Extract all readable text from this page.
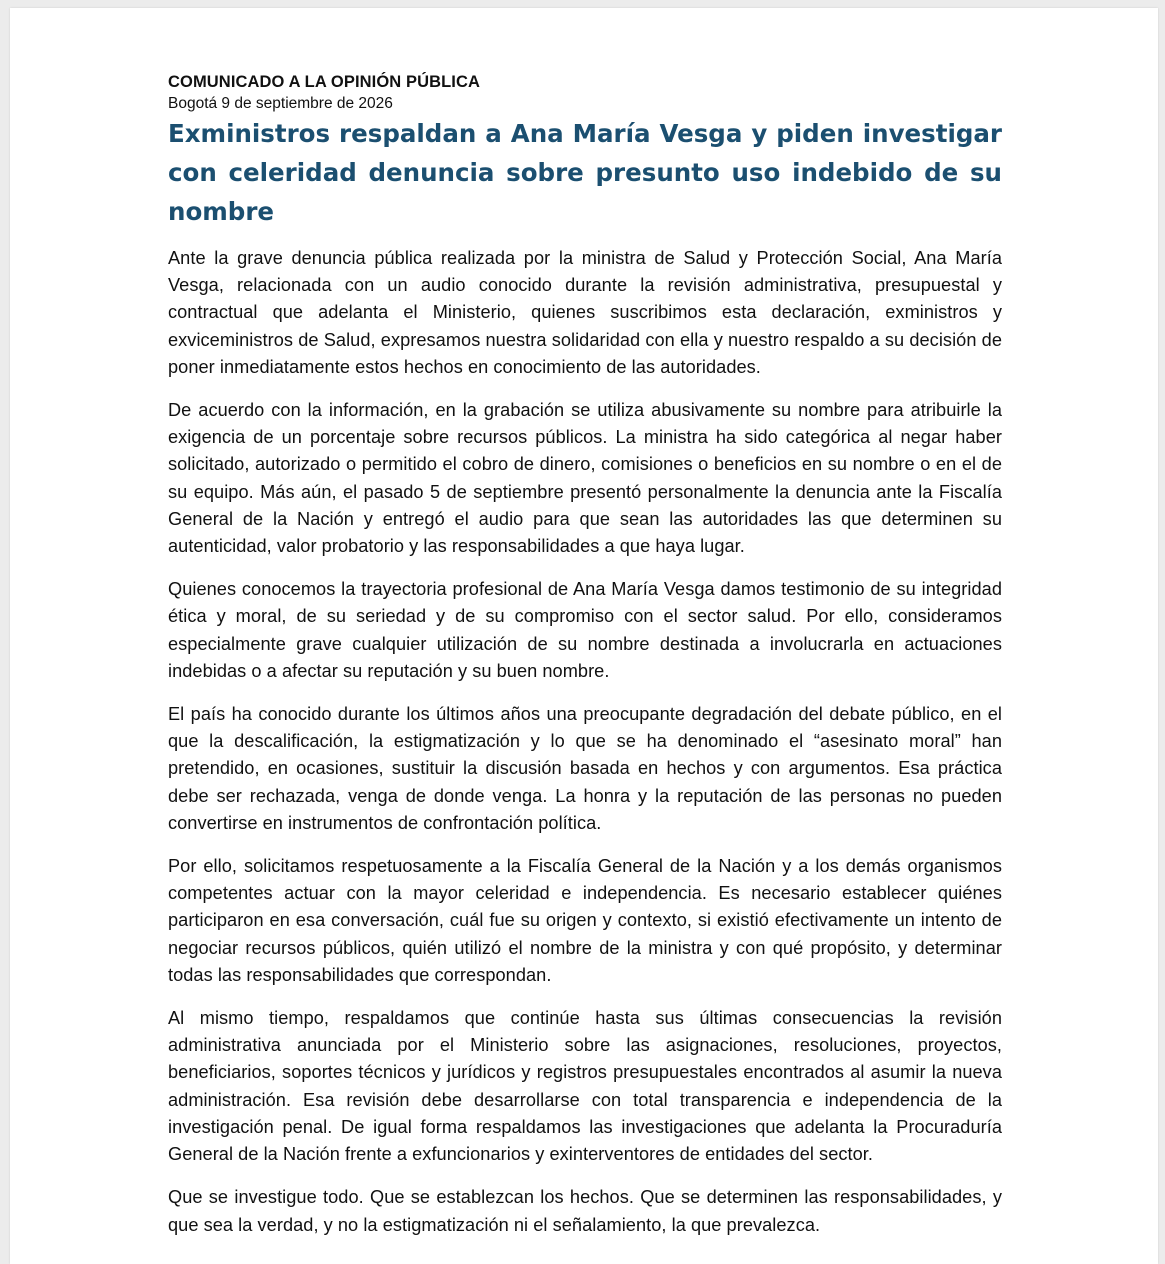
COMUNICADO A LA OPINIÓN PÚBLICA

Bogotá 9 de septiembre de 2026

Exministros respaldan a Ana María Vesga y piden investigar con celeridad denuncia sobre presunto uso indebido de su nombre

Ante la grave denuncia pública realizada por la ministra de Salud y Protección Social, Ana María Vesga, relacionada con un audio conocido durante la revisión administrativa, presupuestal y contractual que adelanta el Ministerio, quienes suscribimos esta declaración, exministros y exviceministros de Salud, expresamos nuestra solidaridad con ella y nuestro respaldo a su decisión de poner inmediatamente estos hechos en conocimiento de las autoridades.

De acuerdo con la información, en la grabación se utiliza abusivamente su nombre para atribuirle la exigencia de un porcentaje sobre recursos públicos. La ministra ha sido categórica al negar haber solicitado, autorizado o permitido el cobro de dinero, comisiones o beneficios en su nombre o en el de su equipo. Más aún, el pasado 5 de septiembre presentó personalmente la denuncia ante la Fiscalía General de la Nación y entregó el audio para que sean las autoridades las que determinen su autenticidad, valor probatorio y las responsabilidades a que haya lugar.

Quienes conocemos la trayectoria profesional de Ana María Vesga damos testimonio de su integridad ética y moral, de su seriedad y de su compromiso con el sector salud. Por ello, consideramos especialmente grave cualquier utilización de su nombre destinada a involucrarla en actuaciones indebidas o a afectar su reputación y su buen nombre.

El país ha conocido durante los últimos años una preocupante degradación del debate público, en el que la descalificación, la estigmatización y lo que se ha denominado el “asesinato moral” han pretendido, en ocasiones, sustituir la discusión basada en hechos y con argumentos. Esa práctica debe ser rechazada, venga de donde venga. La honra y la reputación de las personas no pueden convertirse en instrumentos de confrontación política.

Por ello, solicitamos respetuosamente a la Fiscalía General de la Nación y a los demás organismos competentes actuar con la mayor celeridad e independencia. Es necesario establecer quiénes participaron en esa conversación, cuál fue su origen y contexto, si existió efectivamente un intento de negociar recursos públicos, quién utilizó el nombre de la ministra y con qué propósito, y determinar todas las responsabilidades que correspondan.

Al mismo tiempo, respaldamos que continúe hasta sus últimas consecuencias la revisión administrativa anunciada por el Ministerio sobre las asignaciones, resoluciones, proyectos, beneficiarios, soportes técnicos y jurídicos y registros presupuestales encontrados al asumir la nueva administración. Esa revisión debe desarrollarse con total transparencia e independencia de la investigación penal. De igual forma respaldamos las investigaciones que adelanta la Procuraduría General de la Nación frente a exfuncionarios y exinterventores de entidades del sector.

Que se investigue todo. Que se establezcan los hechos. Que se determinen las responsabilidades, y que sea la verdad, y no la estigmatización ni el señalamiento, la que prevalezca.
